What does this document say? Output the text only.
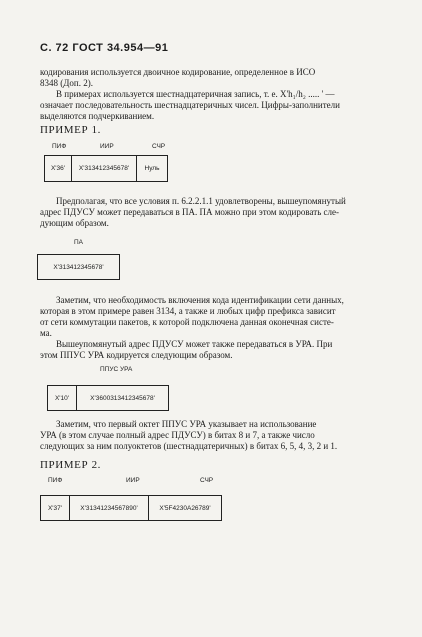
С. 72 ГОСТ 34.954—91
кодирования используется двоичное кодирование, определенное в ИСО
8348 (Доп. 2).
В примерах используется шестнадцатеричная запись, т. е. X'h₁/h₂ ..... ' —
означает последовательность шестнадцатеричных чисел. Цифры-заполнители
выделяются подчеркиванием.
ПРИМЕР 1.
ПИФ	ИИР	СЧР
X'36'	X'313412345678'	Нуль
Предполагая, что все условия п. 6.2.2.1.1 удовлетворены, вышеупомянутый
адрес ПДУСУ может передаваться в ПА. ПА можно при этом кодировать сле-
дующим образом.
ПА
X'313412345678'
Заметим, что необходимость включения кода идентификации сети данных,
которая в этом примере равен 3134, а также и любых цифр префикса зависит
от сети коммутации пакетов, к которой подключена данная оконечная систе-
ма.
Вышеупомянутый адрес ПДУСУ может также передаваться в УРА. При
этом ППУС УРА кодируется следующим образом.
ППУС УРА
X'10'	X'3600313412345678'
Заметим, что первый октет ППУС УРА указывает на использование
УРА (в этом случае полный адрес ПДУСУ) в битах 8 и 7, а также число
следующих за ним полуоктетов (шестнадцатеричных) в битах 6, 5, 4, 3, 2 и 1.
ПРИМЕР 2.
ПИФ	ИИР	СЧР
X'37'	X'31341234567890'	X'5F4230A26789'
